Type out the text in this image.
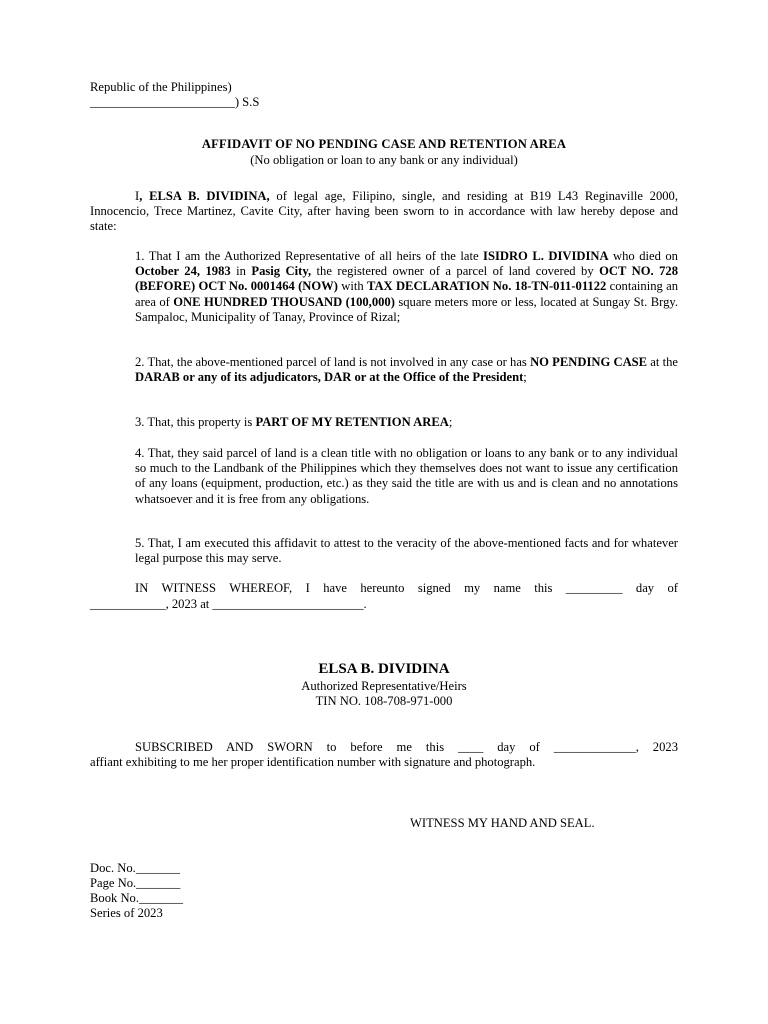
Republic of the Philippines)
_______________________) S.S
AFFIDAVIT OF NO PENDING CASE AND RETENTION AREA
(No obligation or loan to any bank or any individual)
I, ELSA B. DIVIDINA, of legal age, Filipino, single, and residing at B19 L43 Reginaville 2000, Innocencio, Trece Martinez, Cavite City, after having been sworn to in accordance with law hereby depose and state:
1. That I am the Authorized Representative of all heirs of the late ISIDRO L. DIVIDINA who died on October 24, 1983 in Pasig City, the registered owner of a parcel of land covered by OCT NO. 728 (BEFORE) OCT No. 0001464 (NOW) with TAX DECLARATION No. 18-TN-011-01122 containing an area of ONE HUNDRED THOUSAND (100,000) square meters more or less, located at Sungay St. Brgy. Sampaloc, Municipality of Tanay, Province of Rizal;
2. That, the above-mentioned parcel of land is not involved in any case or has NO PENDING CASE at the DARAB or any of its adjudicators, DAR or at the Office of the President;
3. That, this property is PART OF MY RETENTION AREA;
4. That, they said parcel of land is a clean title with no obligation or loans to any bank or to any individual so much to the Landbank of the Philippines which they themselves does not want to issue any certification of any loans (equipment, production, etc.) as they said the title are with us and is clean and no annotations whatsoever and it is free from any obligations.
5. That, I am executed this affidavit to attest to the veracity of the above-mentioned facts and for whatever legal purpose this may serve.
IN WITNESS WHEREOF, I have hereunto signed my name this _________ day of
____________, 2023 at ________________________.
ELSA B. DIVIDINA
Authorized Representative/Heirs
TIN NO. 108-708-971-000
SUBSCRIBED AND SWORN to before me this ____ day of _____________, 2023
affiant exhibiting to me her proper identification number with signature and photograph.
WITNESS MY HAND AND SEAL.
Doc. No._______
Page No._______
Book No._______
Series of 2023
